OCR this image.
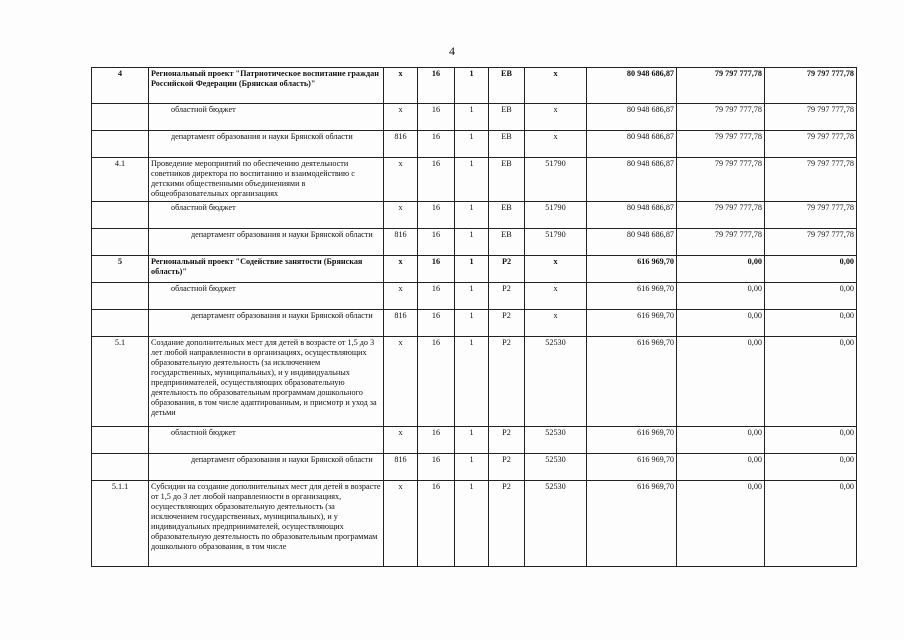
4
4	Региональный проект "Патриотическое воспитание граждан Российской Федерации (Брянская область)"	х	16	1	EB	х	80 948 686,87	79 797 777,78	79 797 777,78

	областной бюджет	х	16	1	EB	х	80 948 686,87	79 797 777,78	79 797 777,78

	департамент образования и науки Брянской области	816	16	1	EB	х	80 948 686,87	79 797 777,78	79 797 777,78
4.1	Проведение мероприятий по обеспечению деятельности советников директора по воспитанию и взаимодействию с детскими общественными объединениями в общеобразовательных организациях	х	16	1	EB	51790	80 948 686,87	79 797 777,78	79 797 777,78

	областной бюджет	х	16	1	EB	51790	80 948 686,87	79 797 777,78	79 797 777,78

	департамент образования и науки Брянской области	816	16	1	EB	51790	80 948 686,87	79 797 777,78	79 797 777,78
5	Региональный проект "Содействие занятости (Брянская область)"	х	16	1	P2	х	616 969,70	0,00	0,00

	областной бюджет	х	16	1	P2	х	616 969,70	0,00	0,00

	департамент образования и науки Брянской области	816	16	1	P2	х	616 969,70	0,00	0,00
5.1	Создание дополнительных мест для детей в возрасте от 1,5 до 3 лет любой направленности в организациях, осуществляющих образовательную деятельность (за исключением государственных, муниципальных), и у индивидуальных предпринимателей, осуществляющих образовательную деятельность по образовательным программам дошкольного образования, в том числе адаптированным, и присмотр и уход за детьми	х	16	1	P2	52530	616 969,70	0,00	0,00

	областной бюджет	х	16	1	P2	52530	616 969,70	0,00	0,00

	департамент образования и науки Брянской области	816	16	1	P2	52530	616 969,70	0,00	0,00
5.1.1	Субсидии на создание дополнительных мест для детей в возрасте от 1,5 до 3 лет любой направленности в организациях, осуществляющих образовательную деятельность (за исключением государственных, муниципальных), и у индивидуальных предпринимателей, осуществляющих образовательную деятельность по образовательным программам дошкольного образования, в том числе	х	16	1	P2	52530	616 969,70	0,00	0,00
